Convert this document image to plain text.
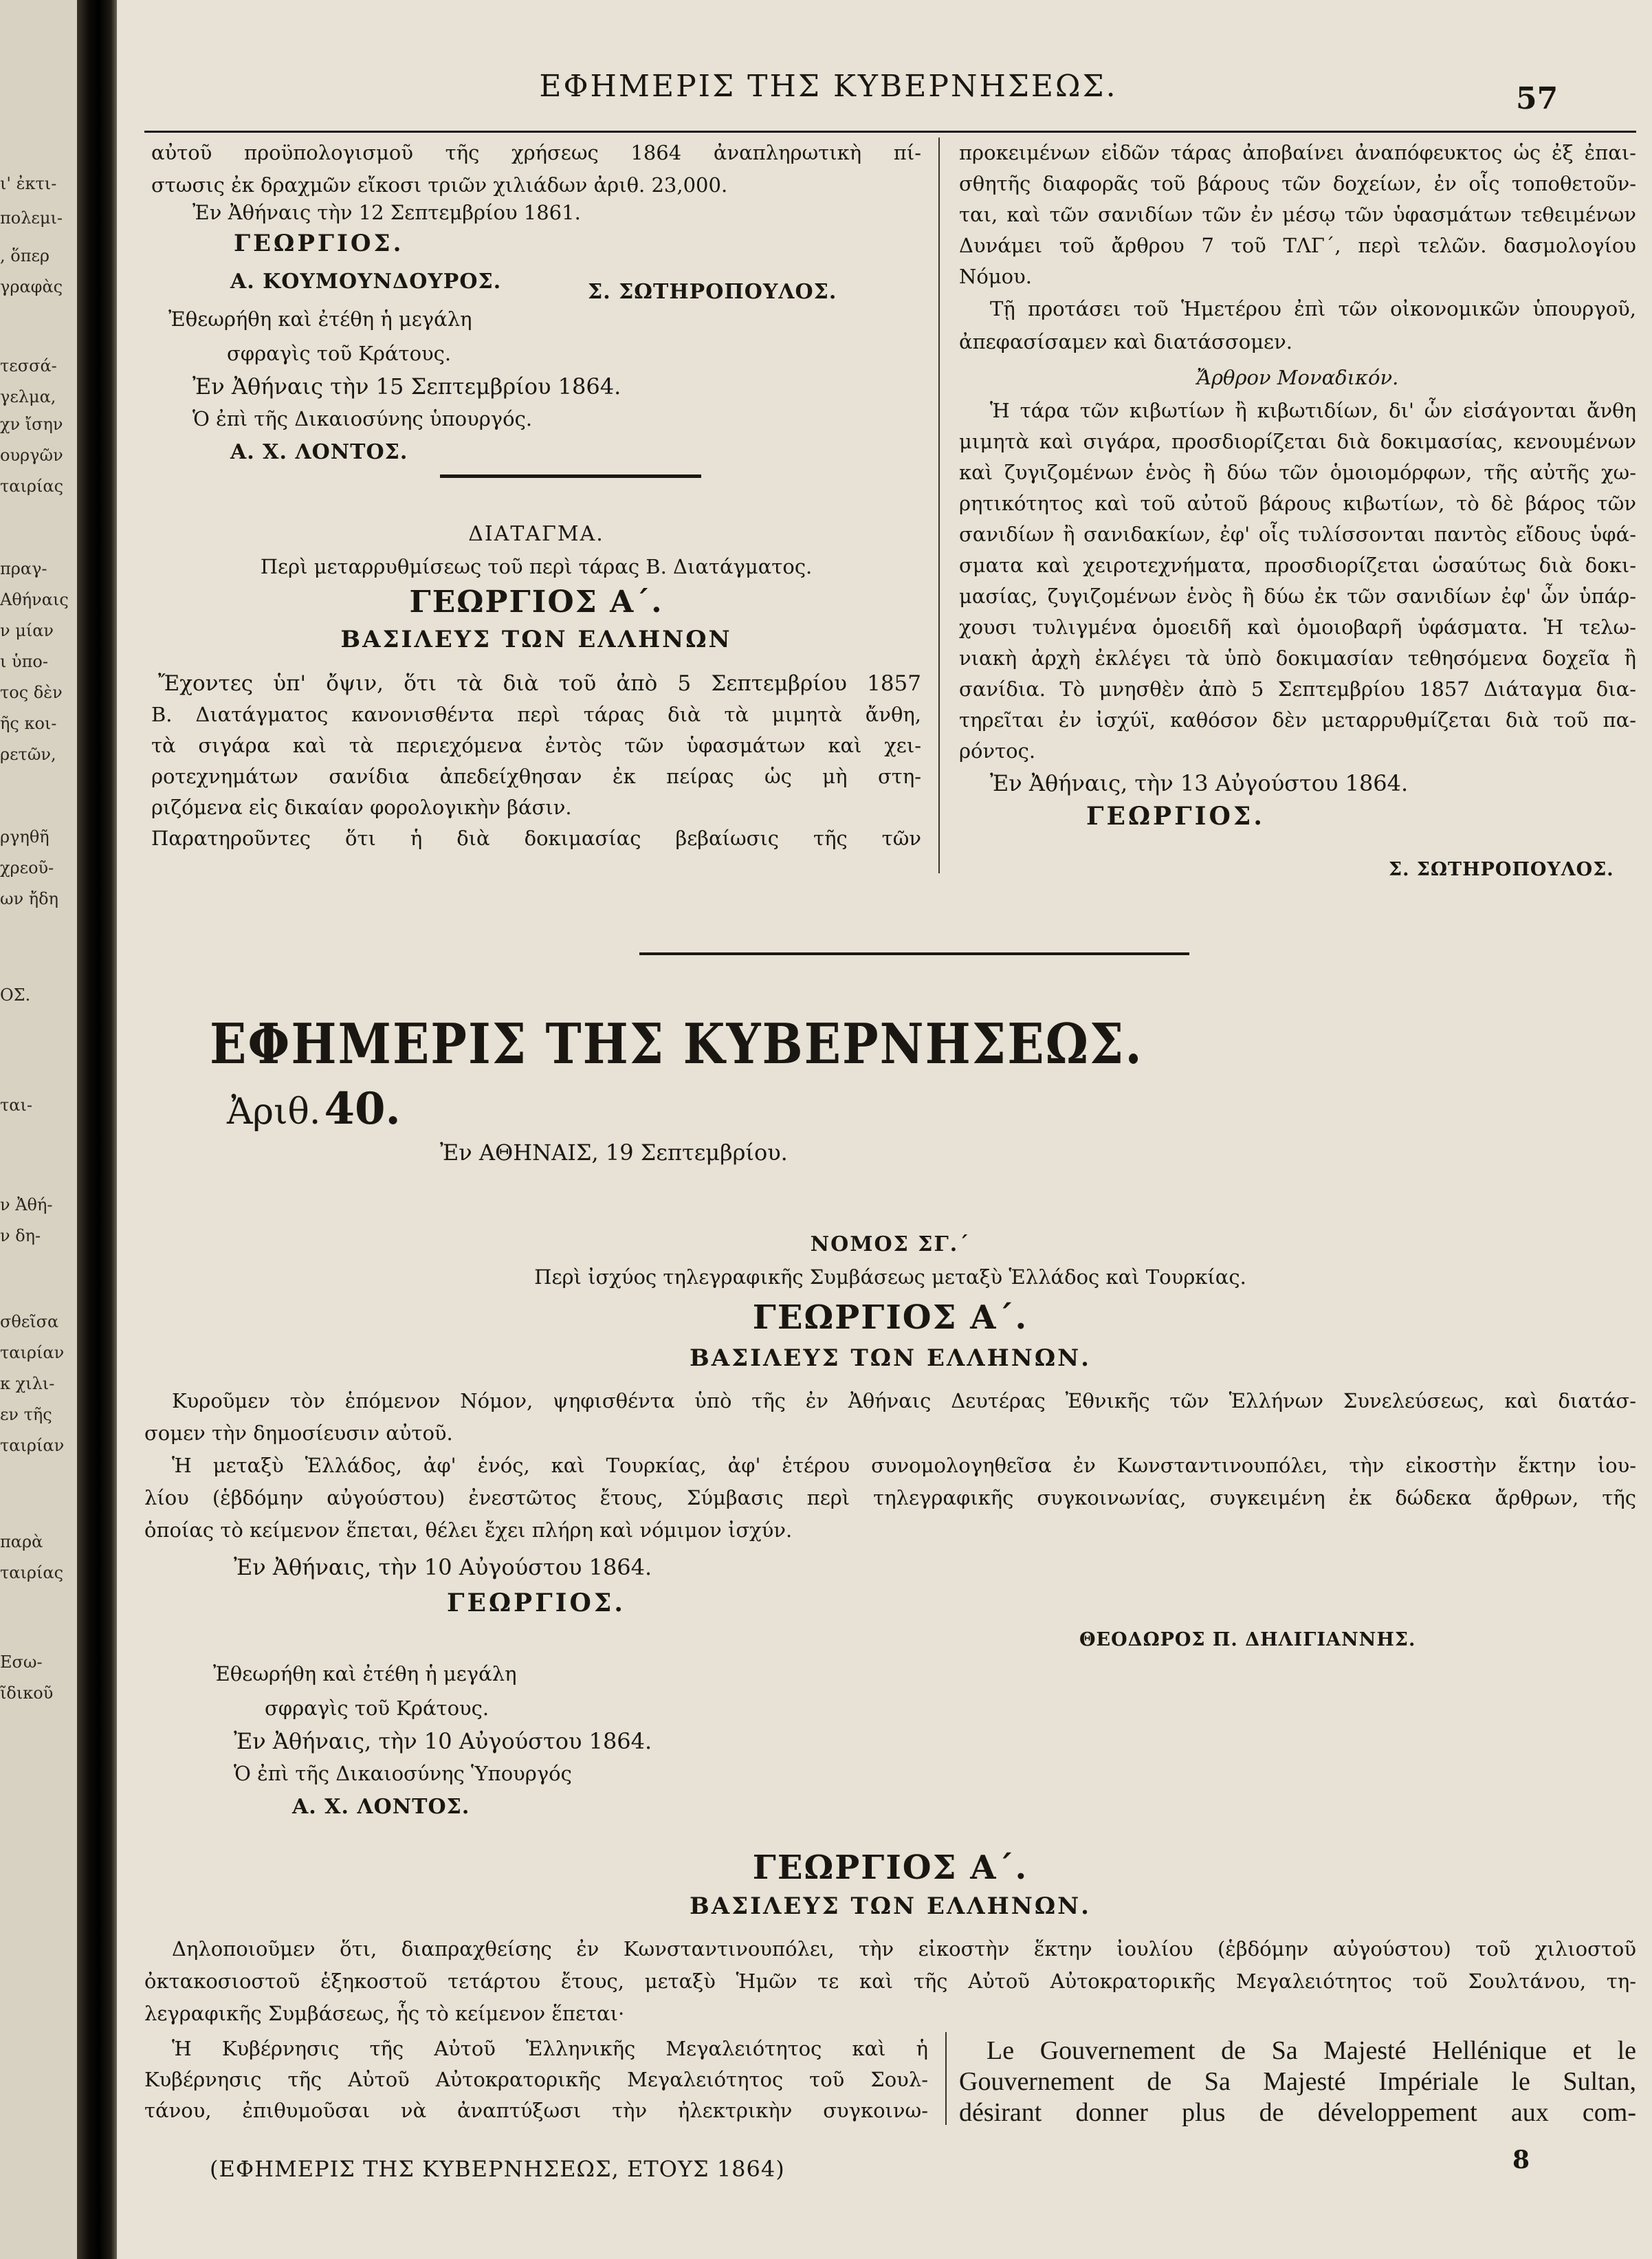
ι' ἐκτι-
πολεμι-
, ὅπερ
γραφὰς
τεσσά-
γελμα,
χν ἴσην
ουργῶν
ταιρίας
πραγ-
Αθήναις
ν μίαν
ι ὑπο-
τος δὲν
ῆς κοι-
ρετῶν,
ργηθῆ
χρεοῦ-
ων ἤδη
ΟΣ.
ται-
ν Ἀθή-
ν δη-
σθεῖσα
ταιρίαν
κ χιλι-
εν τῆς
ταιρίαν
παρὰ
ταιρίας
Εσω-
ῖδικοῦ
ΕΦΗΜΕΡΙΣ ΤΗΣ ΚΥΒΕΡΝΗΣΕΩΣ.	57
αὐτοῦ προϋπολογισμοῦ τῆς χρήσεως 1864 ἀναπληρωτικὴ πί-
στωσις ἐκ δραχμῶν εἴκοσι τριῶν χιλιάδων ἀριθ. 23,000.
Ἐν Ἀθήναις τὴν 12 Σεπτεμβρίου 1861.
ΓΕΩΡΓΙΟΣ.
Α. ΚΟΥΜΟΥΝΔΟΥΡΟΣ.	Σ. ΣΩΤΗΡΟΠΟΥΛΟΣ.
Ἐθεωρήθη καὶ ἐτέθη ἡ μεγάλη
σφραγὶς τοῦ Κράτους.
Ἐν Ἀθήναις τὴν 15 Σεπτεμβρίου 1864.
Ὁ ἐπὶ τῆς Δικαιοσύνης ὑπουργός.
Α. Χ. ΛΟΝΤΟΣ.
ΔΙΑΤΑΓΜΑ.
Περὶ μεταρρυθμίσεως τοῦ περὶ τάρας Β. Διατάγματος.
ΓΕΩΡΓΙΟΣ Α΄.
ΒΑΣΙΛΕΥΣ ΤΩΝ ΕΛΛΗΝΩΝ
Ἔχοντες ὑπ' ὄψιν, ὅτι τὰ διὰ τοῦ ἀπὸ 5 Σεπτεμβρίου 1857
Β. Διατάγματος κανονισθέντα περὶ τάρας διὰ τὰ μιμητὰ ἄνθη,
τὰ σιγάρα καὶ τὰ περιεχόμενα ἐντὸς τῶν ὑφασμάτων καὶ χει-
ροτεχνημάτων σανίδια ἀπεδείχθησαν ἐκ πείρας ὡς μὴ στη-
ριζόμενα εἰς δικαίαν φορολογικὴν βάσιν.
Παρατηροῦντες ὅτι ἡ διὰ δοκιμασίας βεβαίωσις τῆς τῶν
προκειμένων εἰδῶν τάρας ἀποβαίνει ἀναπόφευκτος ὡς ἐξ ἐπαι-
σθητῆς διαφορᾶς τοῦ βάρους τῶν δοχείων, ἐν οἷς τοποθετοῦν-
ται, καὶ τῶν σανιδίων τῶν ἐν μέσῳ τῶν ὑφασμάτων τεθειμένων
Δυνάμει τοῦ ἄρθρου 7 τοῦ ΤΛΓ΄, περὶ τελῶν. δασμολογίου
Νόμου.
Τῇ προτάσει τοῦ Ἡμετέρου ἐπὶ τῶν οἰκονομικῶν ὑπουργοῦ,
ἀπεφασίσαμεν καὶ διατάσσομεν.
Ἄρθρον Μοναδικόν.
Ἡ τάρα τῶν κιβωτίων ἢ κιβωτιδίων, δι' ὧν εἰσάγονται ἄνθη
μιμητὰ καὶ σιγάρα, προσδιορίζεται διὰ δοκιμασίας, κενουμένων
καὶ ζυγιζομένων ἑνὸς ἢ δύω τῶν ὁμοιομόρφων, τῆς αὐτῆς χω-
ρητικότητος καὶ τοῦ αὐτοῦ βάρους κιβωτίων, τὸ δὲ βάρος τῶν
σανιδίων ἢ σανιδακίων, ἐφ' οἷς τυλίσσονται παντὸς εἴδους ὑφά-
σματα καὶ χειροτεχνήματα, προσδιορίζεται ὡσαύτως διὰ δοκι-
μασίας, ζυγιζομένων ἑνὸς ἢ δύω ἐκ τῶν σανιδίων ἐφ' ὧν ὑπάρ-
χουσι τυλιγμένα ὁμοειδῆ καὶ ὁμοιοβαρῆ ὑφάσματα. Ἡ τελω-
νιακὴ ἀρχὴ ἐκλέγει τὰ ὑπὸ δοκιμασίαν τεθησόμενα δοχεῖα ἢ
σανίδια. Τὸ μνησθὲν ἀπὸ 5 Σεπτεμβρίου 1857 Διάταγμα δια-
τηρεῖται ἐν ἰσχύϊ, καθόσον δὲν μεταρρυθμίζεται διὰ τοῦ πα-
ρόντος.
Ἐν Ἀθήναις, τὴν 13 Αὐγούστου 1864.
ΓΕΩΡΓΙΟΣ.
Σ. ΣΩΤΗΡΟΠΟΥΛΟΣ.
ΕΦΗΜΕΡΙΣ ΤΗΣ ΚΥΒΕΡΝΗΣΕΩΣ.
Ἀριθ. 40.
Ἐν ΑΘΗΝΑΙΣ, 19 Σεπτεμβρίου.
ΝΟΜΟΣ ΣΓ.΄
Περὶ ἰσχύος τηλεγραφικῆς Συμβάσεως μεταξὺ Ἑλλάδος καὶ Τουρκίας.
ΓΕΩΡΓΙΟΣ Α΄.
ΒΑΣΙΛΕΥΣ ΤΩΝ ΕΛΛΗΝΩΝ.
Κυροῦμεν τὸν ἑπόμενον Νόμον, ψηφισθέντα ὑπὸ τῆς ἐν Ἀθήναις Δευτέρας Ἐθνικῆς τῶν Ἑλλήνων Συνελεύσεως, καὶ διατάσ-
σομεν τὴν δημοσίευσιν αὐτοῦ.
Ἡ μεταξὺ Ἑλλάδος, ἀφ' ἑνός, καὶ Τουρκίας, ἀφ' ἑτέρου συνομολογηθεῖσα ἐν Κωνσταντινουπόλει, τὴν εἰκοστὴν ἕκτην ἰου-
λίου (ἑβδόμην αὐγούστου) ἐνεστῶτος ἔτους, Σύμβασις περὶ τηλεγραφικῆς συγκοινωνίας, συγκειμένη ἐκ δώδεκα ἄρθρων, τῆς
ὁποίας τὸ κείμενον ἕπεται, θέλει ἔχει πλήρη καὶ νόμιμον ἰσχύν.
Ἐν Ἀθήναις, τὴν 10 Αὐγούστου 1864.
ΓΕΩΡΓΙΟΣ.
ΘΕΟΔΩΡΟΣ Π. ΔΗΛΙΓΙΑΝΝΗΣ.
Ἐθεωρήθη καὶ ἐτέθη ἡ μεγάλη
σφραγὶς τοῦ Κράτους.
Ἐν Ἀθήναις, τὴν 10 Αὐγούστου 1864.
Ὁ ἐπὶ τῆς Δικαιοσύνης Ὑπουργός
Α. Χ. ΛΟΝΤΟΣ.
ΓΕΩΡΓΙΟΣ Α΄.
ΒΑΣΙΛΕΥΣ ΤΩΝ ΕΛΛΗΝΩΝ.
Δηλοποιοῦμεν ὅτι, διαπραχθείσης ἐν Κωνσταντινουπόλει, τὴν εἰκοστὴν ἕκτην ἰουλίου (ἑβδόμην αὐγούστου) τοῦ χιλιοστοῦ
ὀκτακοσιοστοῦ ἑξηκοστοῦ τετάρτου ἔτους, μεταξὺ Ἡμῶν τε καὶ τῆς Αὐτοῦ Αὐτοκρατορικῆς Μεγαλειότητος τοῦ Σουλτάνου, τη-
λεγραφικῆς Συμβάσεως, ἧς τὸ κείμενον ἕπεται·
Ἡ Κυβέρνησις τῆς Αὐτοῦ Ἑλληνικῆς Μεγαλειότητος καὶ ἡ
Κυβέρνησις τῆς Αὐτοῦ Αὐτοκρατορικῆς Μεγαλειότητος τοῦ Σουλ-
τάνου, ἐπιθυμοῦσαι νὰ ἀναπτύξωσι τὴν ἠλεκτρικὴν συγκοινω-
Le Gouvernement de Sa Majesté Hellénique et le
Gouvernement de Sa Majesté Impériale le Sultan,
désirant donner plus de développement aux com-
(ΕΦΗΜΕΡΙΣ ΤΗΣ ΚΥΒΕΡΝΗΣΕΩΣ, ΕΤΟΥΣ 1864)	8
